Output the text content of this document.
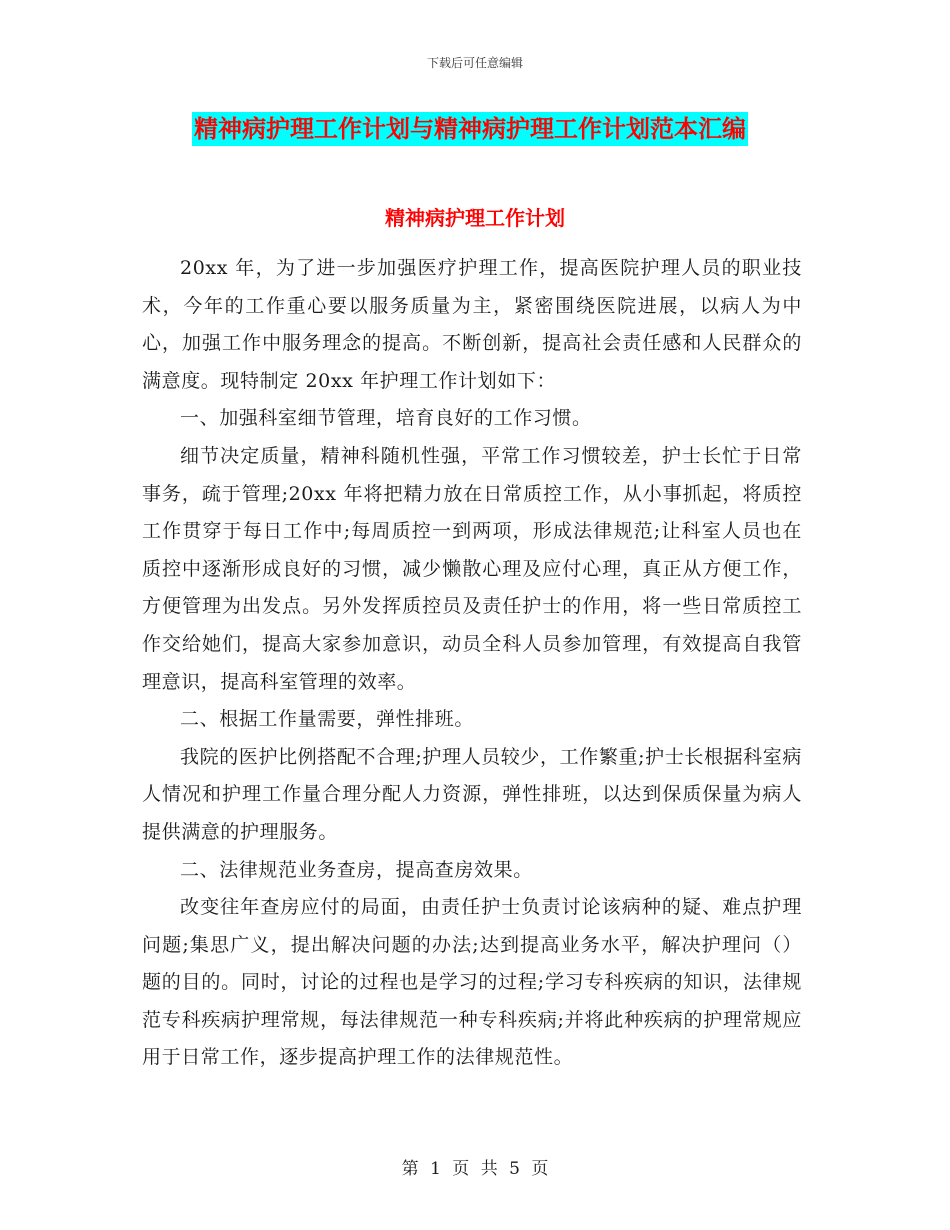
下载后可任意编辑
精神病护理工作计划与精神病护理工作计划范本汇编
精神病护理工作计划

20xx 年，为了进一步加强医疗护理工作，提高医院护理人员的职业技术，今年的工作重心要以服务质量为主，紧密围绕医院进展，以病人为中心，加强工作中服务理念的提高。不断创新，提高社会责任感和人民群众的满意度。现特制定 20xx 年护理工作计划如下：

一、加强科室细节管理，培育良好的工作习惯。

细节决定质量，精神科随机性强，平常工作习惯较差，护士长忙于日常事务，疏于管理;20xx 年将把精力放在日常质控工作，从小事抓起，将质控工作贯穿于每日工作中;每周质控一到两项，形成法律规范;让科室人员也在质控中逐渐形成良好的习惯，减少懒散心理及应付心理，真正从方便工作，方便管理为出发点。另外发挥质控员及责任护士的作用，将一些日常质控工作交给她们，提高大家参加意识，动员全科人员参加管理，有效提高自我管理意识，提高科室管理的效率。

二、根据工作量需要，弹性排班。

我院的医护比例搭配不合理;护理人员较少，工作繁重;护士长根据科室病人情况和护理工作量合理分配人力资源，弹性排班，以达到保质保量为病人提供满意的护理服务。

二、法律规范业务查房，提高查房效果。

改变往年查房应付的局面，由责任护士负责讨论该病种的疑、难点护理问题;集思广义，提出解决问题的办法;达到提高业务水平，解决护理问（）题的目的。同时，讨论的过程也是学习的过程;学习专科疾病的知识，法律规范专科疾病护理常规，每法律规范一种专科疾病;并将此种疾病的护理常规应用于日常工作，逐步提高护理工作的法律规范性。

第 1 页 共 5 页
